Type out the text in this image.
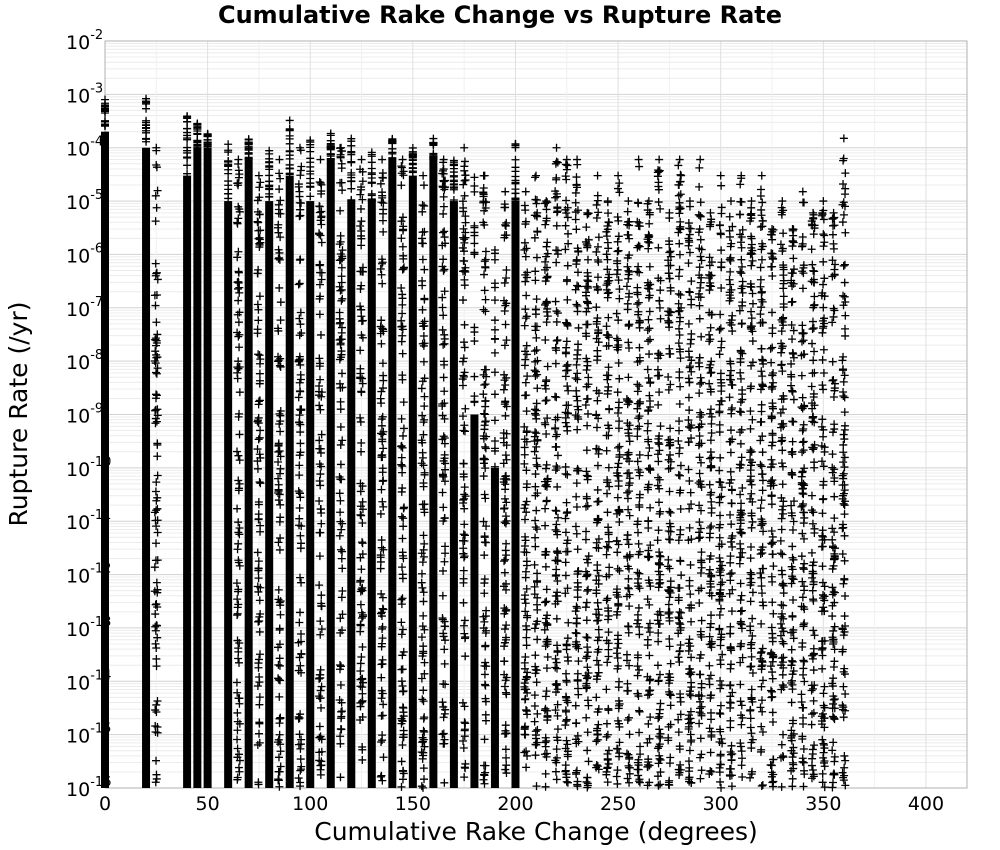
Cumulative Rake Change vs Rupture Rate
0	50	100	150	200	250	300	350	400
$10^{-16}$
$10^{-15}$
$10^{-14}$
$10^{-13}$
$10^{-12}$
$10^{-11}$
$10^{-10}$
$10^{-9}$
$10^{-8}$
$10^{-7}$
$10^{-6}$
$10^{-5}$
$10^{-4}$
$10^{-3}$
$10^{-2}$
Cumulative Rake Change (degrees)
Rupture Rate (/yr)
